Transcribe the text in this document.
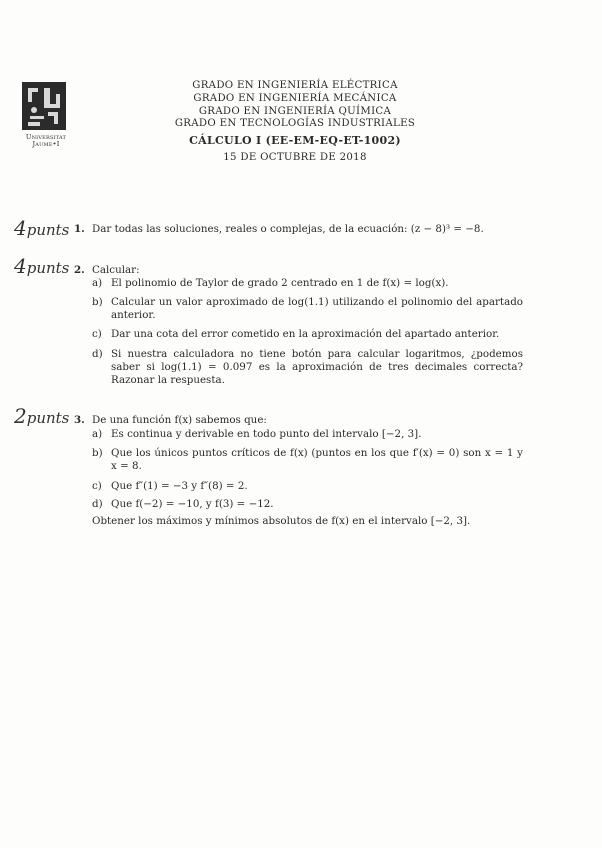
Universitat
Jaume•I
GRADO EN INGENIERÍA ELÉCTRICA
GRADO EN INGENIERÍA MECÁNICA
GRADO EN INGENIERÍA QUÍMICA
GRADO EN TECNOLOGÍAS INDUSTRIALES
CÁLCULO I (EE-EM-EQ-ET-1002)
15 DE OCTUBRE DE 2018
4punts
4punts
2punts
1. Dar todas las soluciones, reales o complejas, de la ecuación: (z − 8)³ = −8.
2. Calcular:
a) El polinomio de Taylor de grado 2 centrado en 1 de f(x) = log(x).
b) Calcular un valor aproximado de log(1.1) utilizando el polinomio del apartado anterior.
c) Dar una cota del error cometido en la aproximación del apartado anterior.
d) Si nuestra calculadora no tiene botón para calcular logaritmos, ¿podemos saber si log(1.1) = 0.097 es la aproximación de tres decimales correcta? Razonar la respuesta.
3. De una función f(x) sabemos que:
a) Es continua y derivable en todo punto del intervalo [−2, 3].
b) Que los únicos puntos críticos de f(x) (puntos en los que f′(x) = 0) son x = 1 y x = 8.
c) Que f″(1) = −3 y f″(8) = 2.
d) Que f(−2) = −10, y f(3) = −12.
Obtener los máximos y mínimos absolutos de f(x) en el intervalo [−2, 3].
